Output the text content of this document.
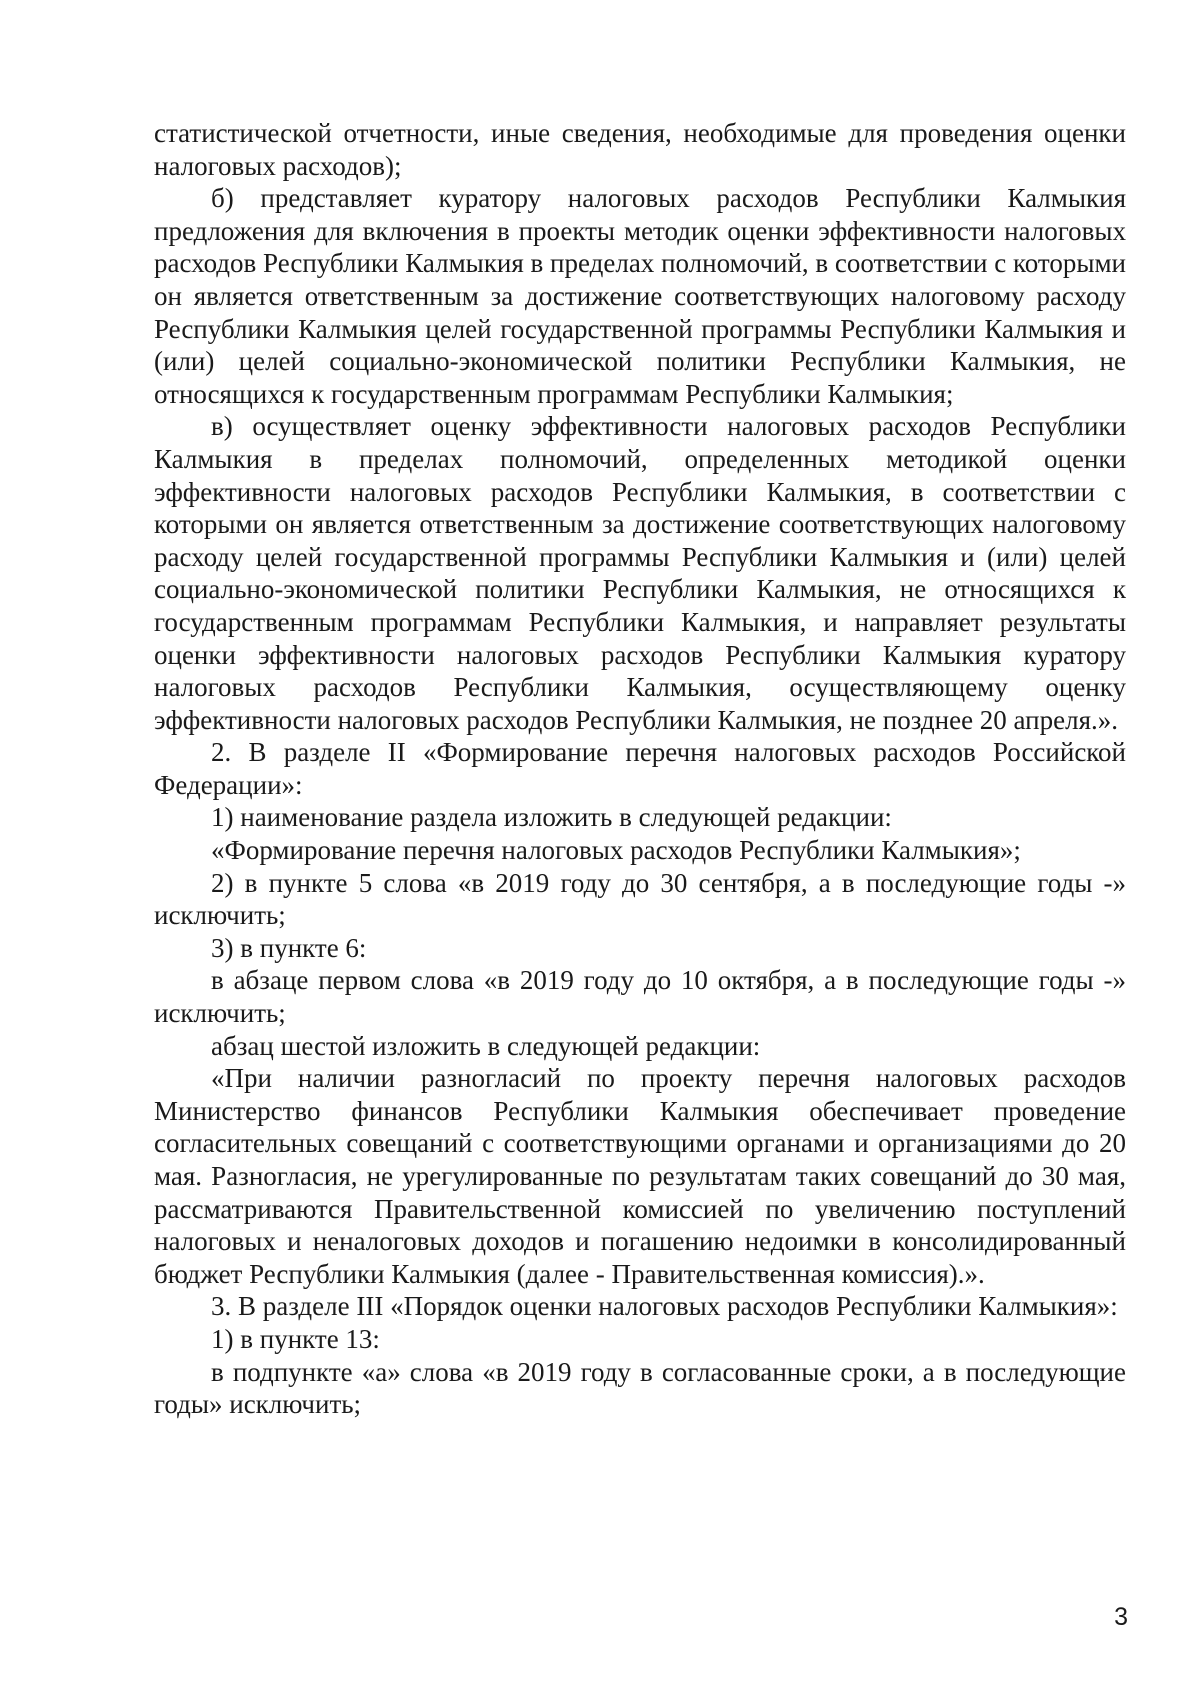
статистической отчетности, иные сведения, необходимые для проведения оценки налоговых расходов);

б) представляет куратору налоговых расходов Республики Калмыкия предложения для включения в проекты методик оценки эффективности налоговых расходов Республики Калмыкия в пределах полномочий, в соответствии с которыми он является ответственным за достижение соответствующих налоговому расходу Республики Калмыкия целей государственной программы Республики Калмыкия и (или) целей социально-экономической политики Республики Калмыкия, не относящихся к государственным программам Республики Калмыкия;

в) осуществляет оценку эффективности налоговых расходов Республики Калмыкия в пределах полномочий, определенных методикой оценки эффективности налоговых расходов Республики Калмыкия, в соответствии с которыми он является ответственным за достижение соответствующих налоговому расходу целей государственной программы Республики Калмыкия и (или) целей социально-экономической политики Республики Калмыкия, не относящихся к государственным программам Республики Калмыкия, и направляет результаты оценки эффективности налоговых расходов Республики Калмыкия куратору налоговых расходов Республики Калмыкия, осуществляющему оценку эффективности налоговых расходов Республики Калмыкия, не позднее 20 апреля.».

2. В разделе II «Формирование перечня налоговых расходов Российской Федерации»:

1) наименование раздела изложить в следующей редакции:

«Формирование перечня налоговых расходов Республики Калмыкия»;

2) в пункте 5 слова «в 2019 году до 30 сентября, а в последующие годы -» исключить;

3) в пункте 6:

в абзаце первом слова «в 2019 году до 10 октября, а в последующие годы -» исключить;

абзац шестой изложить в следующей редакции:

«При наличии разногласий по проекту перечня налоговых расходов Министерство финансов Республики Калмыкия обеспечивает проведение согласительных совещаний с соответствующими органами и организациями до 20 мая. Разногласия, не урегулированные по результатам таких совещаний до 30 мая, рассматриваются Правительственной комиссией по увеличению поступлений налоговых и неналоговых доходов и погашению недоимки в консолидированный бюджет Республики Калмыкия (далее - Правительственная комиссия).».

3. В разделе III «Порядок оценки налоговых расходов Республики Калмыкия»:

1) в пункте 13:

в подпункте «а» слова «в 2019 году в согласованные сроки, а в последующие годы» исключить;

3
